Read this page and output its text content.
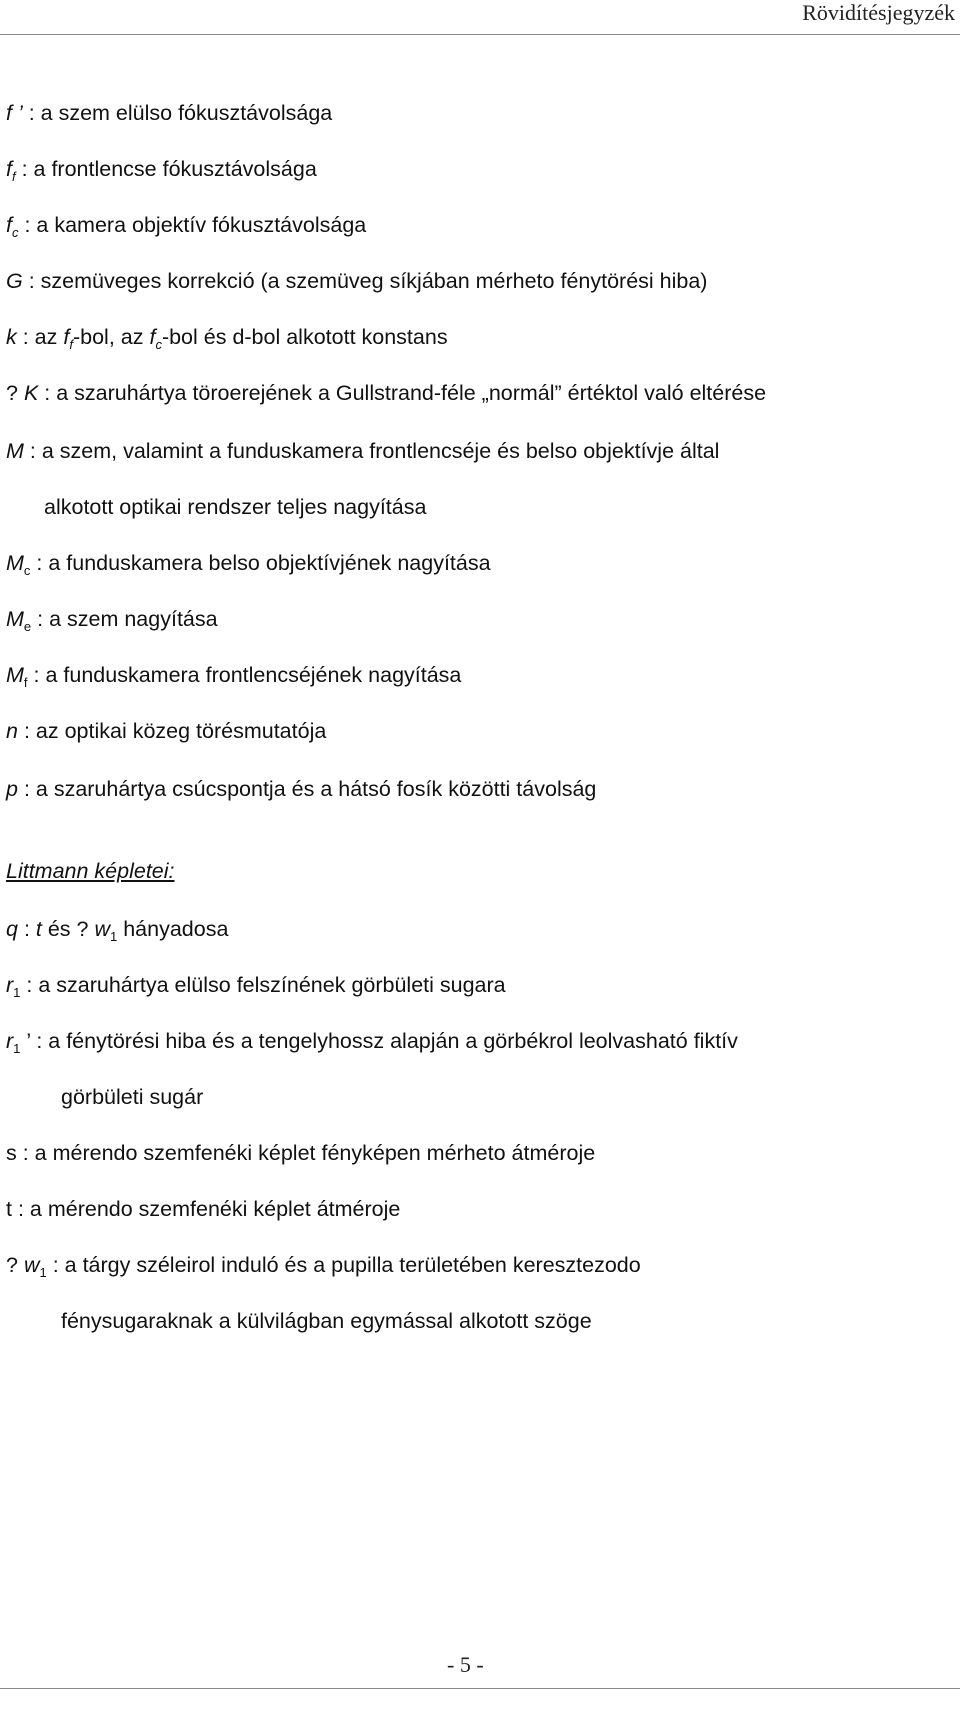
Rövidítésjegyzék
f ’ : a szem elülso fókusztávolsága
$f_f$ : a frontlencse fókusztávolsága
$f_c$ : a kamera objektív fókusztávolsága
G : szemüveges korrekció (a szemüveg síkjában mérheto fénytörési hiba)
k : az $f_f$-bol, az $f_c$-bol és d-bol alkotott konstans
? K : a szaruhártya töroerejének a Gullstrand-féle „normál” értéktol való eltérése
M : a szem, valamint a funduskamera frontlencséje és belso objektívje által
alkotott optikai rendszer teljes nagyítása
$M_c$ : a funduskamera belso objektívjének nagyítása
$M_e$ : a szem nagyítása
$M_f$ : a funduskamera frontlencséjének nagyítása
n : az optikai közeg törésmutatója
p : a szaruhártya csúcspontja és a hátsó fosík közötti távolság
Littmann képletei:
q : t és ? $w_1$ hányadosa
$r_1$ : a szaruhártya elülso felszínének görbületi sugara
$r_1$ ’ : a fénytörési hiba és a tengelyhossz alapján a görbékrol leolvasható fiktív
görbületi sugár
s : a mérendo szemfenéki képlet fényképen mérheto átméroje
t : a mérendo szemfenéki képlet átméroje
? $w_1$ : a tárgy széleirol induló és a pupilla területében keresztezodo
fénysugaraknak a külvilágban egymással alkotott szöge
- 5 -
